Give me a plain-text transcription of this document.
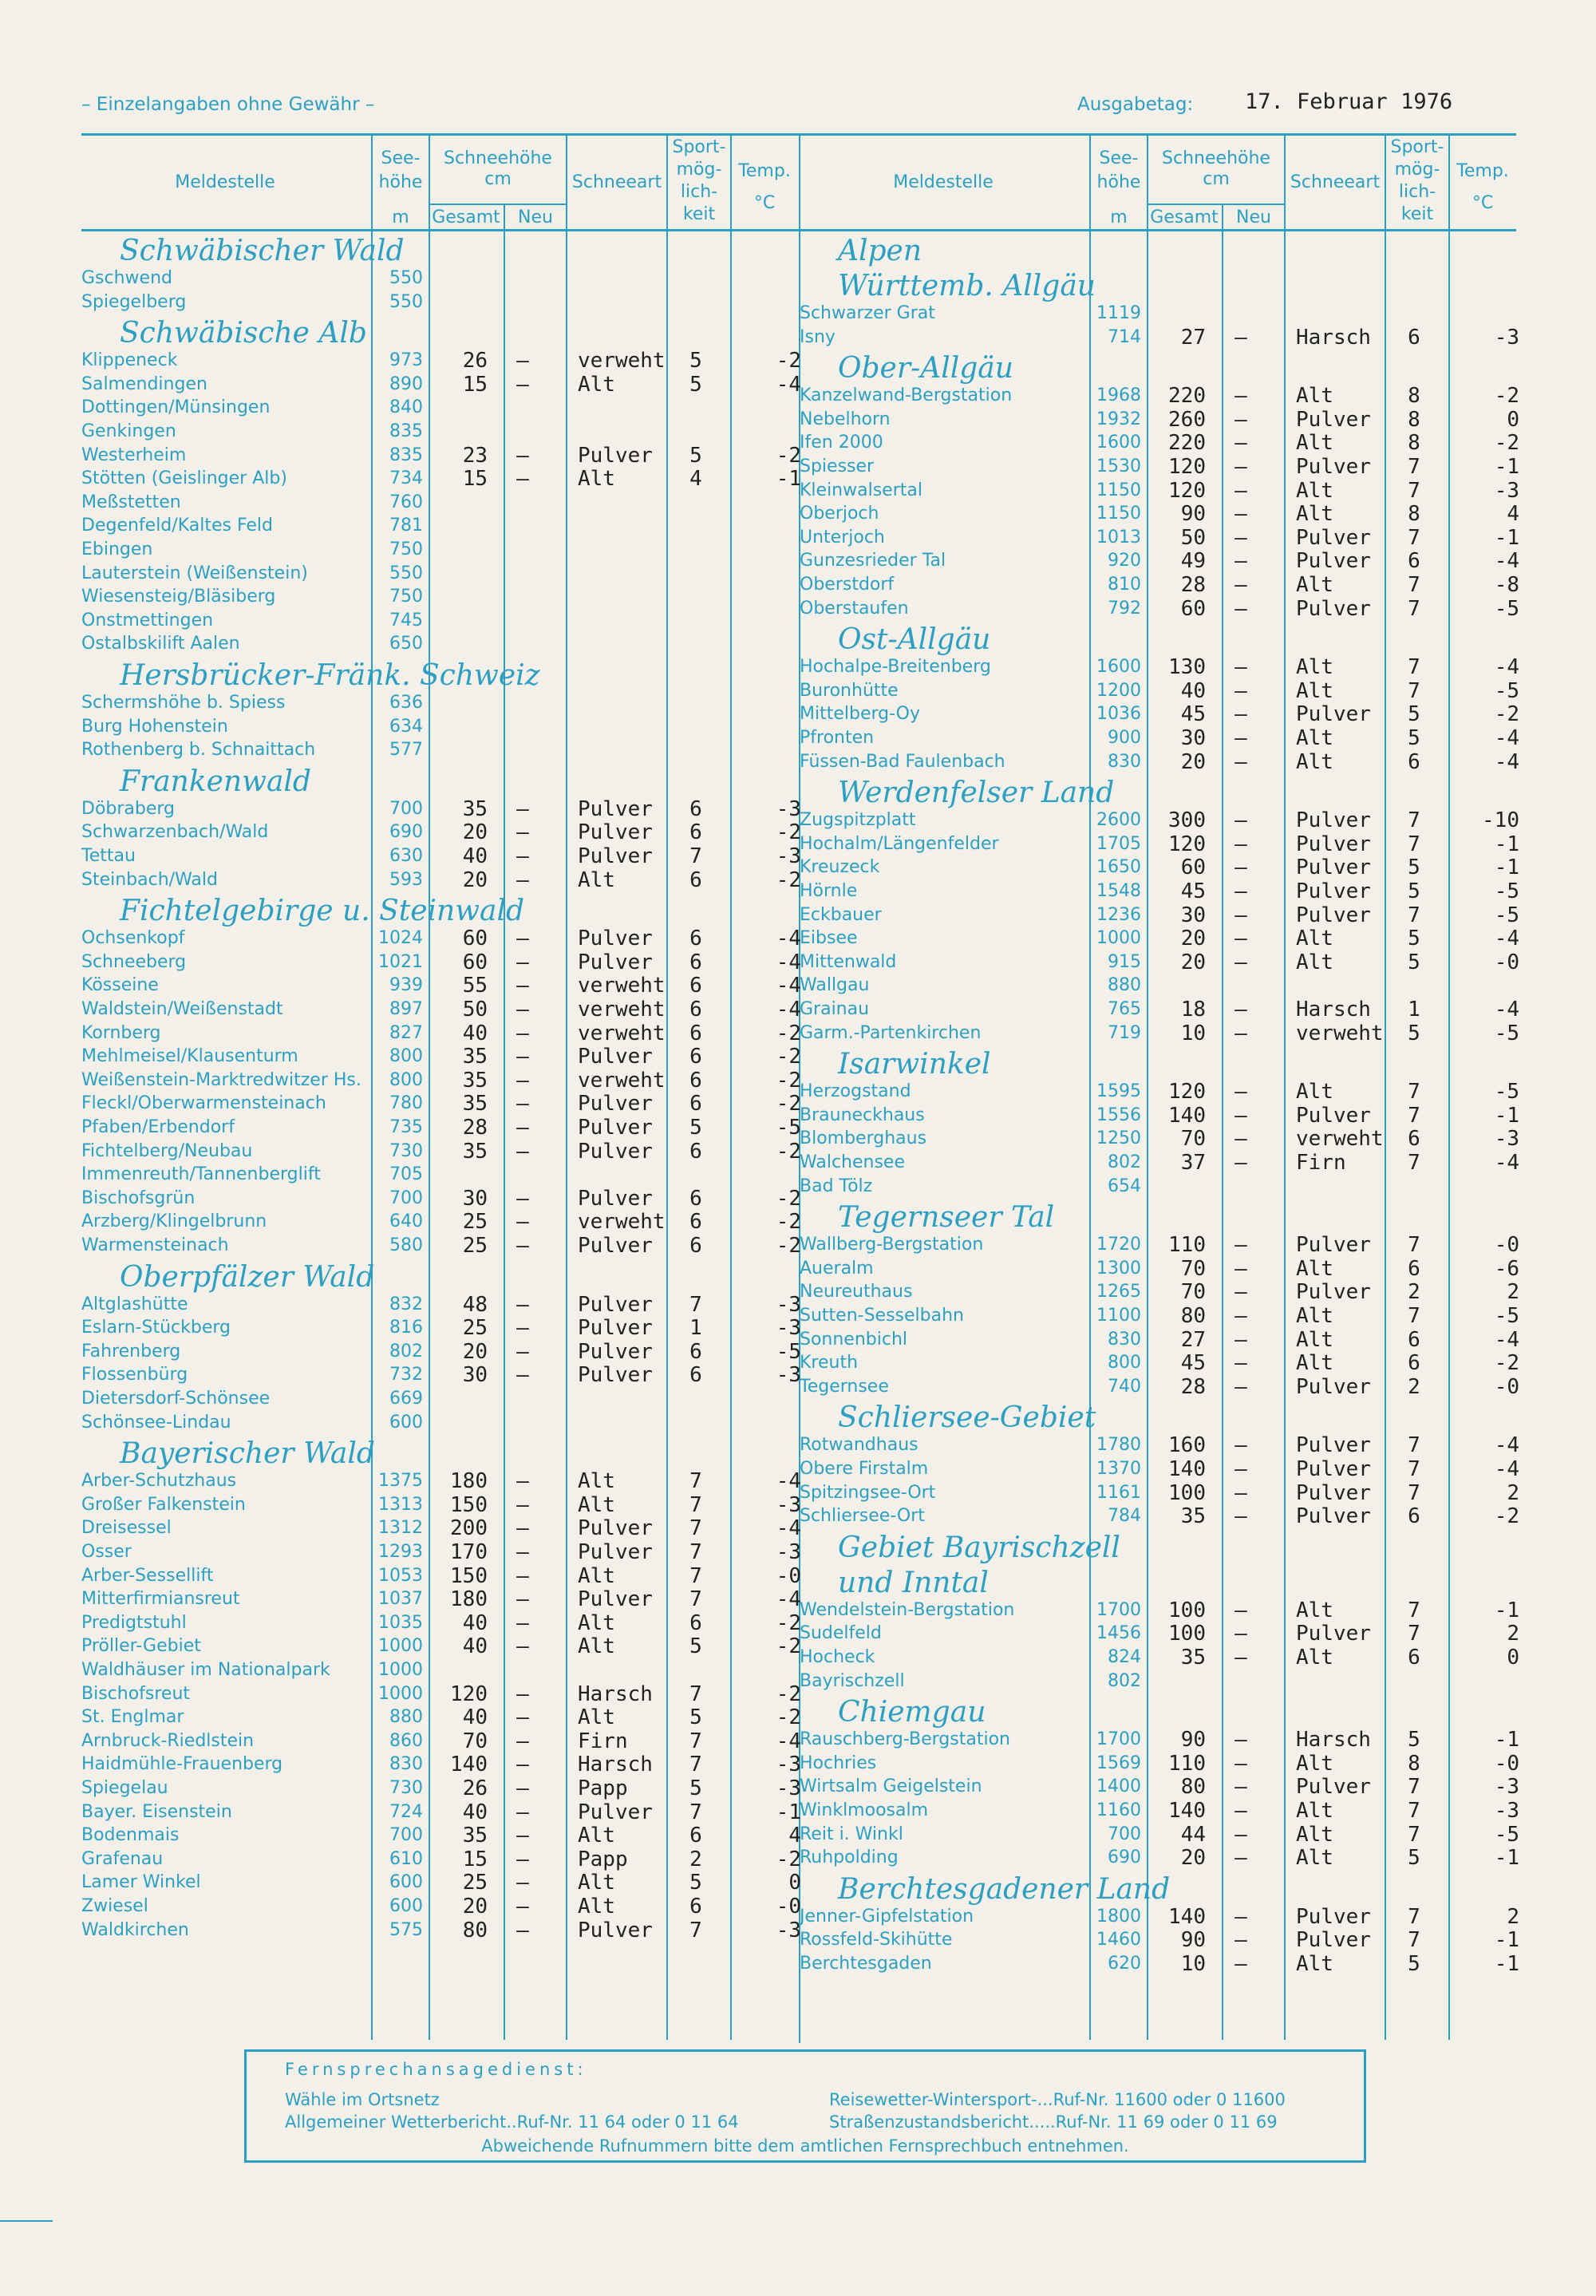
– Einzelangaben ohne Gewähr –	Ausgabetag: 17. Februar 1976
Meldestelle
See-
höhe
m
Schneehöhe
cm
Gesamt	Neu
Schneeart
Sport-
mög-
lich-
keit
Temp.
°C
Meldestelle
See-
höhe
m
Schneehöhe
cm
Gesamt	Neu
Schneeart
Sport-
mög-
lich-
keit
Temp.
°C
Schwäbischer Wald
Gschwend	550
Spiegelberg	550
Schwäbische Alb
Klippeneck	973	26 – verweht 5	-2
Salmendingen	890	15 – Alt	5	-4
Dottingen/Münsingen	840
Genkingen	835
Westerheim	835	23 – Pulver 5	-2
Stötten (Geislinger Alb)	734	15 – Alt	4	-1
Meßstetten	760
Degenfeld/Kaltes Feld	781
Ebingen	750
Lauterstein (Weißenstein)	550
Wiesensteig/Bläsiberg	750
Onstmettingen	745
Ostalbskilift Aalen	650
Hersbrücker-Fränk. Schweiz
Schermshöhe b. Spiess	636
Burg Hohenstein	634
Rothenberg b. Schnaittach	577
Frankenwald
Döbraberg	700	35 – Pulver 6	-3
Schwarzenbach/Wald	690	20 – Pulver 6	-2
Tettau	630	40 – Pulver 7	-3
Steinbach/Wald	593	20 – Alt	6	-2
Fichtelgebirge u. Steinwald
Ochsenkopf	1024	60 – Pulver 6	-4
Schneeberg	1021	60 – Pulver 6	-4
Kösseine	939	55 – verweht 6	-4
Waldstein/Weißenstadt	897	50 – verweht 6	-4
Kornberg	827	40 – verweht 6	-2
Mehlmeisel/Klausenturm	800	35 – Pulver 6	-2
Weißenstein-Marktredwitzer Hs.	800	35 – verweht 6	-2
Fleckl/Oberwarmensteinach	780	35 – Pulver 6	-2
Pfaben/Erbendorf	735	28 – Pulver 5	-5
Fichtelberg/Neubau	730	35 – Pulver 6	-2
Immenreuth/Tannenberglift	705
Bischofsgrün	700	30 – Pulver 6	-2
Arzberg/Klingelbrunn	640	25 – verweht 6	-2
Warmensteinach	580	25 – Pulver 6	-2
Oberpfälzer Wald
Altglashütte	832	48 – Pulver 7	-3
Eslarn-Stückberg	816	25 – Pulver 1	-3
Fahrenberg	802	20 – Pulver 6	-5
Flossenbürg	732	30 – Pulver 6	-3
Dietersdorf-Schönsee	669
Schönsee-Lindau	600
Bayerischer Wald
Arber-Schutzhaus	1375	180 – Alt	7	-4
Großer Falkenstein	1313	150 – Alt	7	-3
Dreisessel	1312	200 – Pulver 7	-4
Osser	1293	170 – Pulver 7	-3
Arber-Sessellift	1053	150 – Alt	7	-0
Mitterfirmiansreut	1037	180 – Pulver 7	-4
Predigtstuhl	1035	40 – Alt	6	-2
Pröller-Gebiet	1000	40 – Alt	5	-2
Waldhäuser im Nationalpark	1000
Bischofsreut	1000	120 – Harsch 7	-2
St. Englmar	880	40 – Alt	5	-2
Arnbruck-Riedlstein	860	70 – Firn	7	-4
Haidmühle-Frauenberg	830	140 – Harsch 7	-3
Spiegelau	730	26 – Papp	5	-3
Bayer. Eisenstein	724	40 – Pulver 7	-1
Bodenmais	700	35 – Alt	6	4
Grafenau	610	15 – Papp	2	-2
Lamer Winkel	600	25 – Alt	5	0
Zwiesel	600	20 – Alt	6	-0
Waldkirchen	575	80 – Pulver 7	-3
Alpen
Württemb. Allgäu
Schwarzer Grat	1119
Isny	714	27 – Harsch 6	-3
Ober-Allgäu
Kanzelwand-Bergstation	1968	220 – Alt	8	-2
Nebelhorn	1932	260 – Pulver 8	0
Ifen 2000	1600	220 – Alt	8	-2
Spiesser	1530	120 – Pulver 7	-1
Kleinwalsertal	1150	120 – Alt	7	-3
Oberjoch	1150	90 – Alt	8	4
Unterjoch	1013	50 – Pulver 7	-1
Gunzesrieder Tal	920	49 – Pulver 6	-4
Oberstdorf	810	28 – Alt	7	-8
Oberstaufen	792	60 – Pulver 7	-5
Ost-Allgäu
Hochalpe-Breitenberg	1600	130 – Alt	7	-4
Buronhütte	1200	40 – Alt	7	-5
Mittelberg-Oy	1036	45 – Pulver 5	-2
Pfronten	900	30 – Alt	5	-4
Füssen-Bad Faulenbach	830	20 – Alt	6	-4
Werdenfelser Land
Zugspitzplatt	2600	300 – Pulver 7	-10
Hochalm/Längenfelder	1705	120 – Pulver 7	-1
Kreuzeck	1650	60 – Pulver 5	-1
Hörnle	1548	45 – Pulver 5	-5
Eckbauer	1236	30 – Pulver 7	-5
Eibsee	1000	20 – Alt	5	-4
Mittenwald	915	20 – Alt	5	-0
Wallgau	880
Grainau	765	18 – Harsch 1	-4
Garm.-Partenkirchen	719	10 – verweht 5	-5
Isarwinkel
Herzogstand	1595	120 – Alt	7	-5
Brauneckhaus	1556	140 – Pulver 7	-1
Blomberghaus	1250	70 – verweht 6	-3
Walchensee	802	37 – Firn	7	-4
Bad Tölz	654
Tegernseer Tal
Wallberg-Bergstation	1720	110 – Pulver 7	-0
Aueralm	1300	70 – Alt	6	-6
Neureuthaus	1265	70 – Pulver 2	2
Sutten-Sesselbahn	1100	80 – Alt	7	-5
Sonnenbichl	830	27 – Alt	6	-4
Kreuth	800	45 – Alt	6	-2
Tegernsee	740	28 – Pulver 2	-0
Schliersee-Gebiet
Rotwandhaus	1780	160 – Pulver 7	-4
Obere Firstalm	1370	140 – Pulver 7	-4
Spitzingsee-Ort	1161	100 – Pulver 7	2
Schliersee-Ort	784	35 – Pulver 6	-2
Gebiet Bayrischzell
und Inntal
Wendelstein-Bergstation	1700	100 – Alt	7	-1
Sudelfeld	1456	100 – Pulver 7	2
Hocheck	824	35 – Alt	6	0
Bayrischzell	802
Chiemgau
Rauschberg-Bergstation	1700	90 – Harsch 5	-1
Hochries	1569	110 – Alt	8	-0
Wirtsalm Geigelstein	1400	80 – Pulver 7	-3
Winklmoosalm	1160	140 – Alt	7	-3
Reit i. Winkl	700	44 – Alt	7	-5
Ruhpolding	690	20 – Alt	5	-1
Berchtesgadener Land
Jenner-Gipfelstation	1800	140 – Pulver 7	2
Rossfeld-Skihütte	1460	90 – Pulver 7	-1
Berchtesgaden	620	10 – Alt	5	-1
Fernsprechansagedienst:
Wähle im Ortsnetz
Allgemeiner Wetterbericht..Ruf-Nr. 11 64 oder 0 11 64
Reisewetter-Wintersport-...Ruf-Nr. 11600 oder 0 11600
Straßenzustandsbericht.....Ruf-Nr. 11 69 oder 0 11 69
Abweichende Rufnummern bitte dem amtlichen Fernsprechbuch entnehmen.
